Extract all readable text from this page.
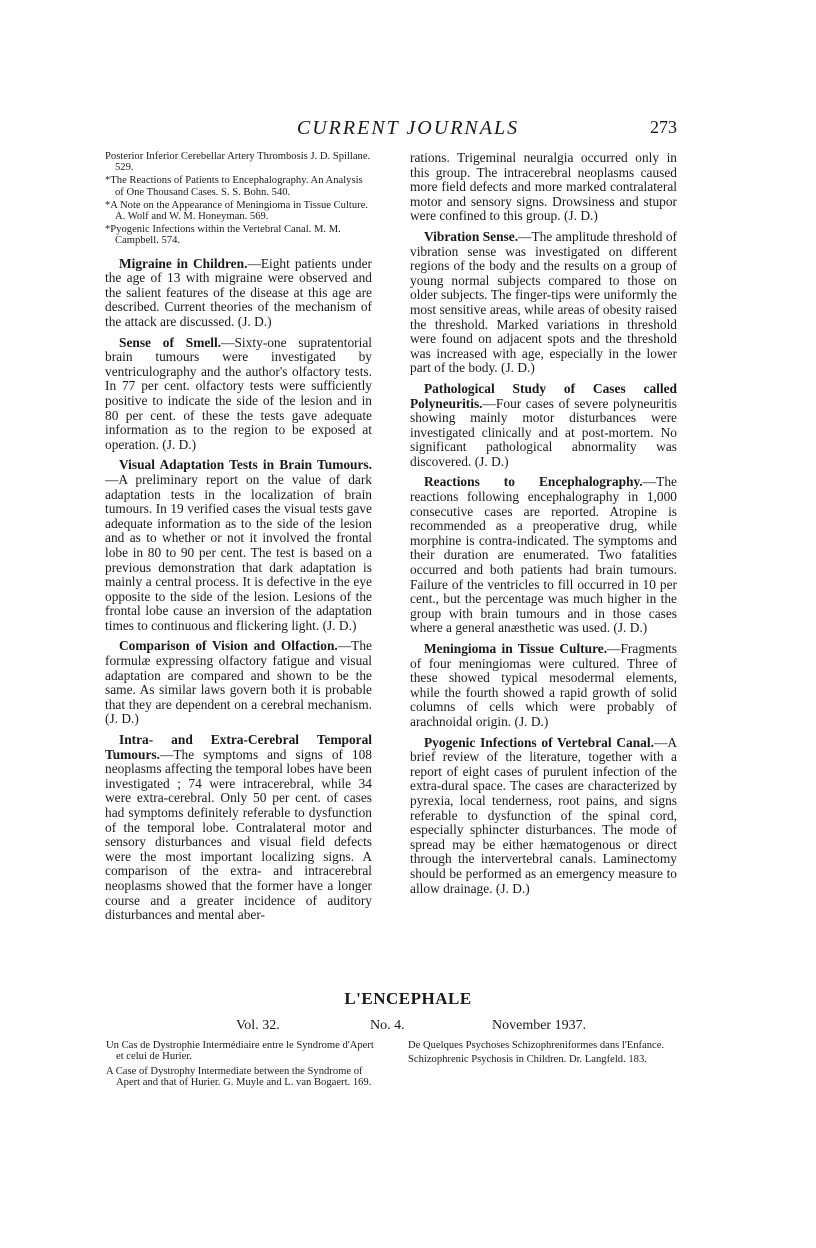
CURRENT JOURNALS	273

Posterior Inferior Cerebellar Artery Thrombosis J. D. Spillane. 529.

*The Reactions of Patients to Encephalography. An Analysis of One Thousand Cases. S. S. Bohn. 540.

*A Note on the Appearance of Meningioma in Tissue Culture. A. Wolf and W. M. Honeyman. 569.

*Pyogenic Infections within the Vertebral Canal. M. M. Campbell. 574.

Migraine in Children.—Eight patients under the age of 13 with migraine were observed and the salient features of the disease at this age are described. Current theories of the mechanism of the attack are discussed. (J. D.)

Sense of Smell.—Sixty-one supratentorial brain tumours were investigated by ventriculography and the author's olfactory tests. In 77 per cent. olfactory tests were sufficiently positive to indicate the side of the lesion and in 80 per cent. of these the tests gave adequate information as to the region to be exposed at operation. (J. D.)

Visual Adaptation Tests in Brain Tumours.—A preliminary report on the value of dark adaptation tests in the localization of brain tumours. In 19 verified cases the visual tests gave adequate information as to the side of the lesion and as to whether or not it involved the frontal lobe in 80 to 90 per cent. The test is based on a previous demonstration that dark adaptation is mainly a central process. It is defective in the eye opposite to the side of the lesion. Lesions of the frontal lobe cause an inversion of the adaptation times to continuous and flickering light. (J. D.)

Comparison of Vision and Olfaction.—The formulæ expressing olfactory fatigue and visual adaptation are compared and shown to be the same. As similar laws govern both it is probable that they are dependent on a cerebral mechanism. (J. D.)

Intra- and Extra-Cerebral Temporal Tumours.—The symptoms and signs of 108 neoplasms affecting the temporal lobes have been investigated ; 74 were intracerebral, while 34 were extra-cerebral. Only 50 per cent. of cases had symptoms definitely referable to dysfunction of the temporal lobe. Contralateral motor and sensory disturbances and visual field defects were the most important localizing signs. A comparison of the extra- and intracerebral neoplasms showed that the former have a longer course and a greater incidence of auditory disturbances and mental aber-

rations. Trigeminal neuralgia occurred only in this group. The intracerebral neoplasms caused more field defects and more marked contralateral motor and sensory signs. Drowsiness and stupor were confined to this group. (J. D.)

Vibration Sense.—The amplitude threshold of vibration sense was investigated on different regions of the body and the results on a group of young normal subjects compared to those on older subjects. The finger-tips were uniformly the most sensitive areas, while areas of obesity raised the threshold. Marked variations in threshold were found on adjacent spots and the threshold was increased with age, especially in the lower part of the body. (J. D.)

Pathological Study of Cases called Polyneuritis.—Four cases of severe polyneuritis showing mainly motor disturbances were investigated clinically and at post-mortem. No significant pathological abnormality was discovered. (J. D.)

Reactions to Encephalography.—The reactions following encephalography in 1,000 consecutive cases are reported. Atropine is recommended as a preoperative drug, while morphine is contra-indicated. The symptoms and their duration are enumerated. Two fatalities occurred and both patients had brain tumours. Failure of the ventricles to fill occurred in 10 per cent., but the percentage was much higher in the group with brain tumours and in those cases where a general anæsthetic was used. (J. D.)

Meningioma in Tissue Culture.—Fragments of four meningiomas were cultured. Three of these showed typical mesodermal elements, while the fourth showed a rapid growth of solid columns of cells which were probably of arachnoidal origin. (J. D.)

Pyogenic Infections of Vertebral Canal.—A brief review of the literature, together with a report of eight cases of purulent infection of the extra-dural space. The cases are characterized by pyrexia, local tenderness, root pains, and signs referable to dysfunction of the spinal cord, especially sphincter disturbances. The mode of spread may be either hæmatogenous or direct through the intervertebral canals. Laminectomy should be performed as an emergency measure to allow drainage. (J. D.)

L'ENCEPHALE
Vol. 32.	No. 4.	November 1937.

Un Cas de Dystrophie Intermédiaire entre le Syndrome d'Apert et celui de Hurier.

A Case of Dystrophy Intermediate between the Syndrome of Apert and that of Hurier. G. Muyle and L. van Bogaert. 169.

De Quelques Psychoses Schizophreniformes dans l'Enfance.

Schizophrenic Psychosis in Children. Dr. Langfeld. 183.
